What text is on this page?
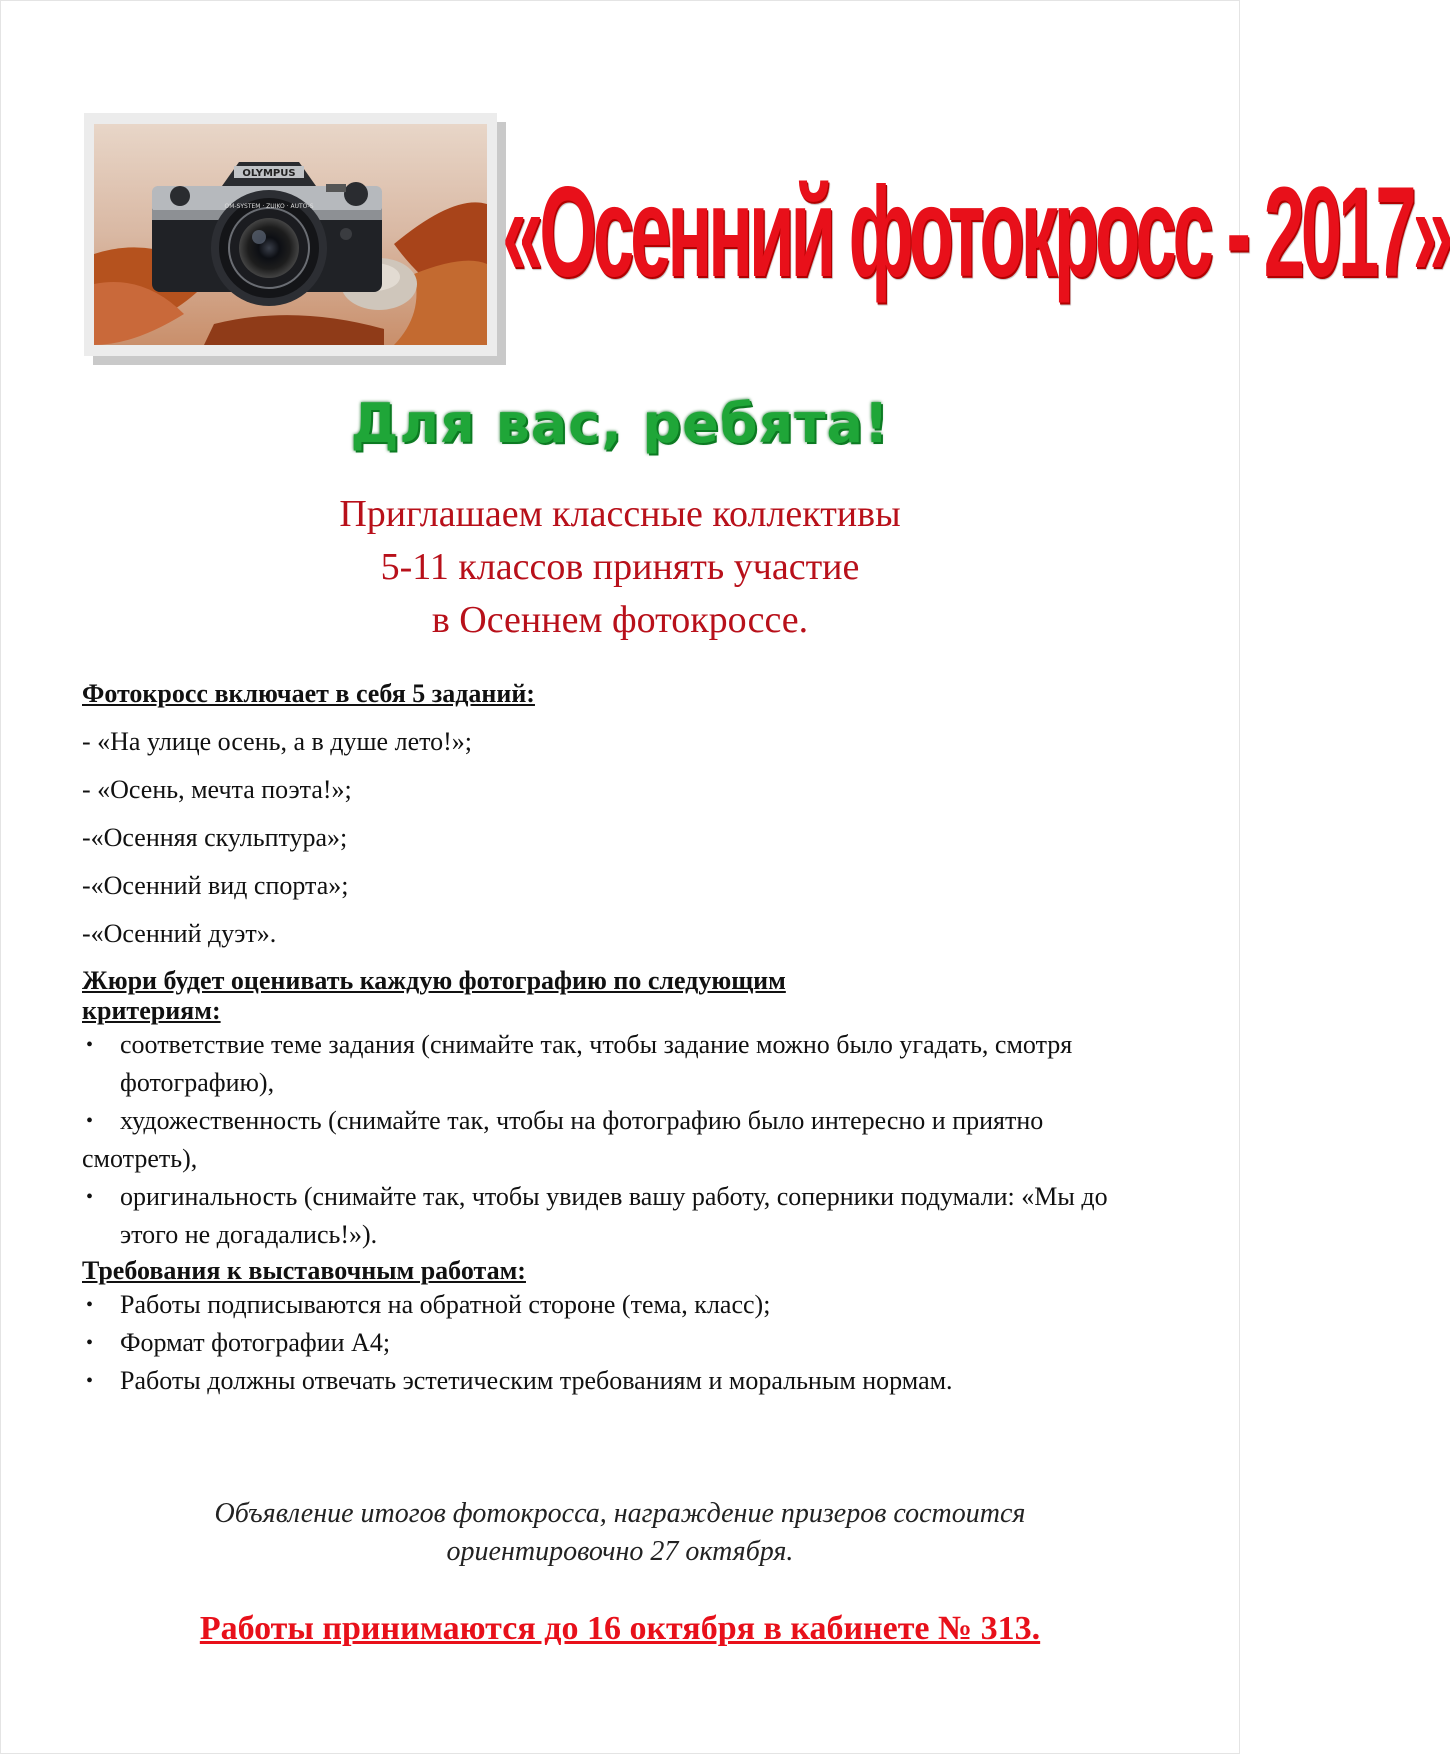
OLYMPUS
OM-SYSTEM · ZUIKO · AUTO-S «Осенний фотокросс - 2017»
Для вас, ребята!
Приглашаем классные коллективы
5-11 классов принять участие
в Осеннем фотокроссе.
Фотокросс включает в себя 5 заданий:
- «На улице осень, а в душе лето!»;
- «Осень, мечта поэта!»;
-«Осенняя скульптура»;
-«Осенний вид спорта»;
-«Осенний дуэт».
Жюри будет оценивать каждую фотографию по следующим
критериям:
• соответствие теме задания (снимайте так, чтобы задание можно было угадать, смотря фотографию),
• художественность (снимайте так, чтобы на фотографию было интересно и приятно смотреть),
• оригинальность (снимайте так, чтобы увидев вашу работу, соперники подумали: «Мы до этого не догадались!»).
Требования к выставочным работам:
• Работы подписываются на обратной стороне (тема, класс);
• Формат фотографии А4;
• Работы должны отвечать эстетическим требованиям и моральным нормам.
Объявление итогов фотокросса, награждение призеров состоится
ориентировочно 27 октября.
Работы принимаются до 16 октября в кабинете № 313.
